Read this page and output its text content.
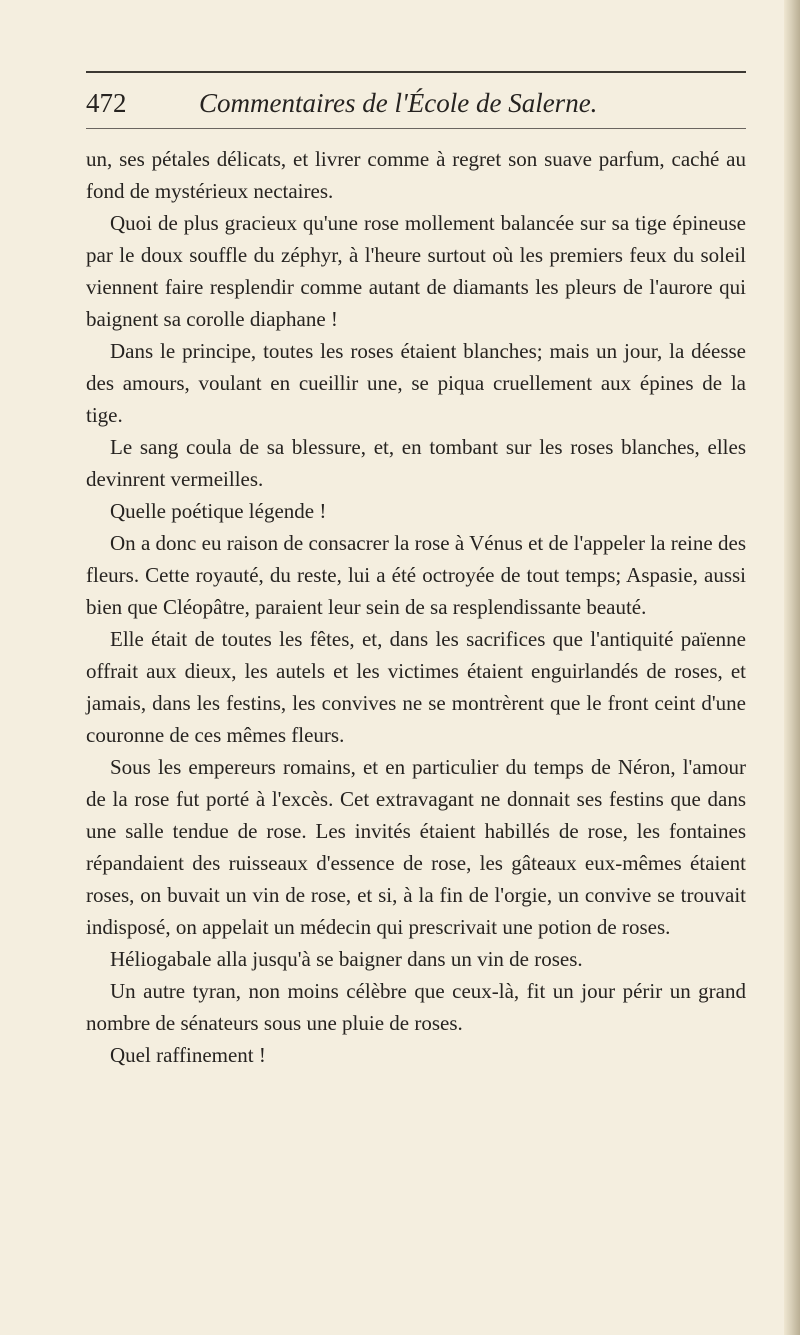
472	Commentaires de l'École de Salerne.

un, ses pétales délicats, et livrer comme à regret son suave parfum, caché au fond de mystérieux nectaires.

Quoi de plus gracieux qu'une rose mollement balancée sur sa tige épineuse par le doux souffle du zéphyr, à l'heure surtout où les premiers feux du soleil viennent faire resplendir comme autant de diamants les pleurs de l'aurore qui baignent sa corolle diaphane !

Dans le principe, toutes les roses étaient blanches; mais un jour, la déesse des amours, voulant en cueillir une, se piqua cruellement aux épines de la tige.

Le sang coula de sa blessure, et, en tombant sur les roses blanches, elles devinrent vermeilles.

Quelle poétique légende !

On a donc eu raison de consacrer la rose à Vénus et de l'appeler la reine des fleurs. Cette royauté, du reste, lui a été octroyée de tout temps; Aspasie, aussi bien que Cléopâtre, paraient leur sein de sa resplendissante beauté.

Elle était de toutes les fêtes, et, dans les sacrifices que l'antiquité païenne offrait aux dieux, les autels et les victimes étaient enguirlandés de roses, et jamais, dans les festins, les convives ne se montrèrent que le front ceint d'une couronne de ces mêmes fleurs.

Sous les empereurs romains, et en particulier du temps de Néron, l'amour de la rose fut porté à l'excès. Cet extravagant ne donnait ses festins que dans une salle tendue de rose. Les invités étaient habillés de rose, les fontaines répandaient des ruisseaux d'essence de rose, les gâteaux eux-mêmes étaient roses, on buvait un vin de rose, et si, à la fin de l'orgie, un convive se trouvait indisposé, on appelait un médecin qui prescrivait une potion de roses.

Héliogabale alla jusqu'à se baigner dans un vin de roses.

Un autre tyran, non moins célèbre que ceux-là, fit un jour périr un grand nombre de sénateurs sous une pluie de roses.

Quel raffinement !
